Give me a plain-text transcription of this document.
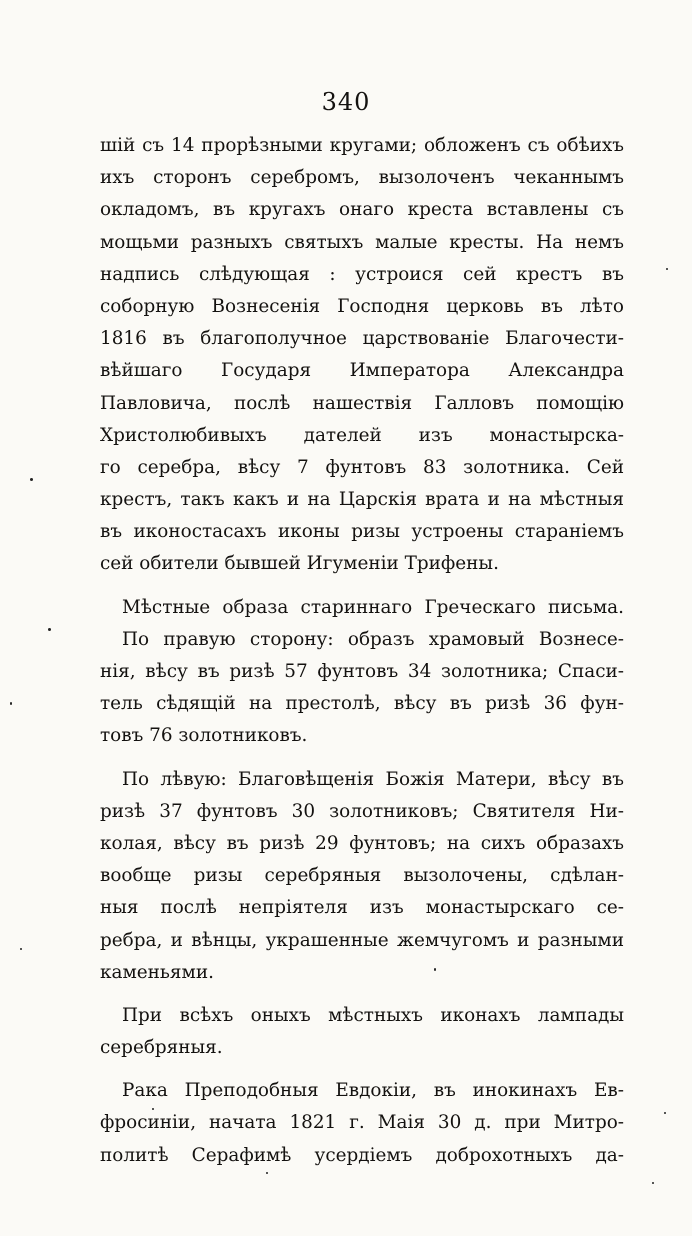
340
шій съ 14 прорѣзными кругами; обложенъ съ обѣихъ
ихъ сторонъ серебромъ, вызолоченъ чеканнымъ
окладомъ, въ кругахъ онаго креста вставлены съ
мощьми разныхъ святыхъ малые кресты. На немъ
надпись слѣдующая : устроися сей крестъ въ
соборную Вознесенія Господня церковь въ лѣто
1816 въ благополучное царствованіе Благочести-
вѣйшаго Государя Императора Александра
Павловича, послѣ нашествія Галловъ помощію
Христолюбивыхъ дателей изъ монастырска-
го серебра, вѣсу 7 фунтовъ 83 золотника. Сей
крестъ, такъ какъ и на Царскія врата и на мѣстныя
въ иконостасахъ иконы ризы устроены стараніемъ
сей обители бывшей Игуменіи Трифены.
Мѣстные образа стариннаго Греческаго письма.
По правую сторону: образъ храмовый Вознесе-
нія, вѣсу въ ризѣ 57 фунтовъ 34 золотника; Спаси-
тель сѣдящій на престолѣ, вѣсу въ ризѣ 36 фун-
товъ 76 золотниковъ.
По лѣвую: Благовѣщенія Божія Матери, вѣсу въ
ризѣ 37 фунтовъ 30 золотниковъ; Святителя Ни-
колая, вѣсу въ ризѣ 29 фунтовъ; на сихъ образахъ
вообще ризы серебряныя вызолочены, сдѣлан-
ныя послѣ непріятеля изъ монастырскаго се-
ребра, и вѣнцы, украшенные жемчугомъ и разными
каменьями.
При всѣхъ оныхъ мѣстныхъ иконахъ лампады
серебряныя.
Рака Преподобныя Евдокіи, въ инокинахъ Ев-
фросиніи, начата 1821 г. Маія 30 д. при Митро-
политѣ Серафимѣ усердіемъ доброхотныхъ да-
